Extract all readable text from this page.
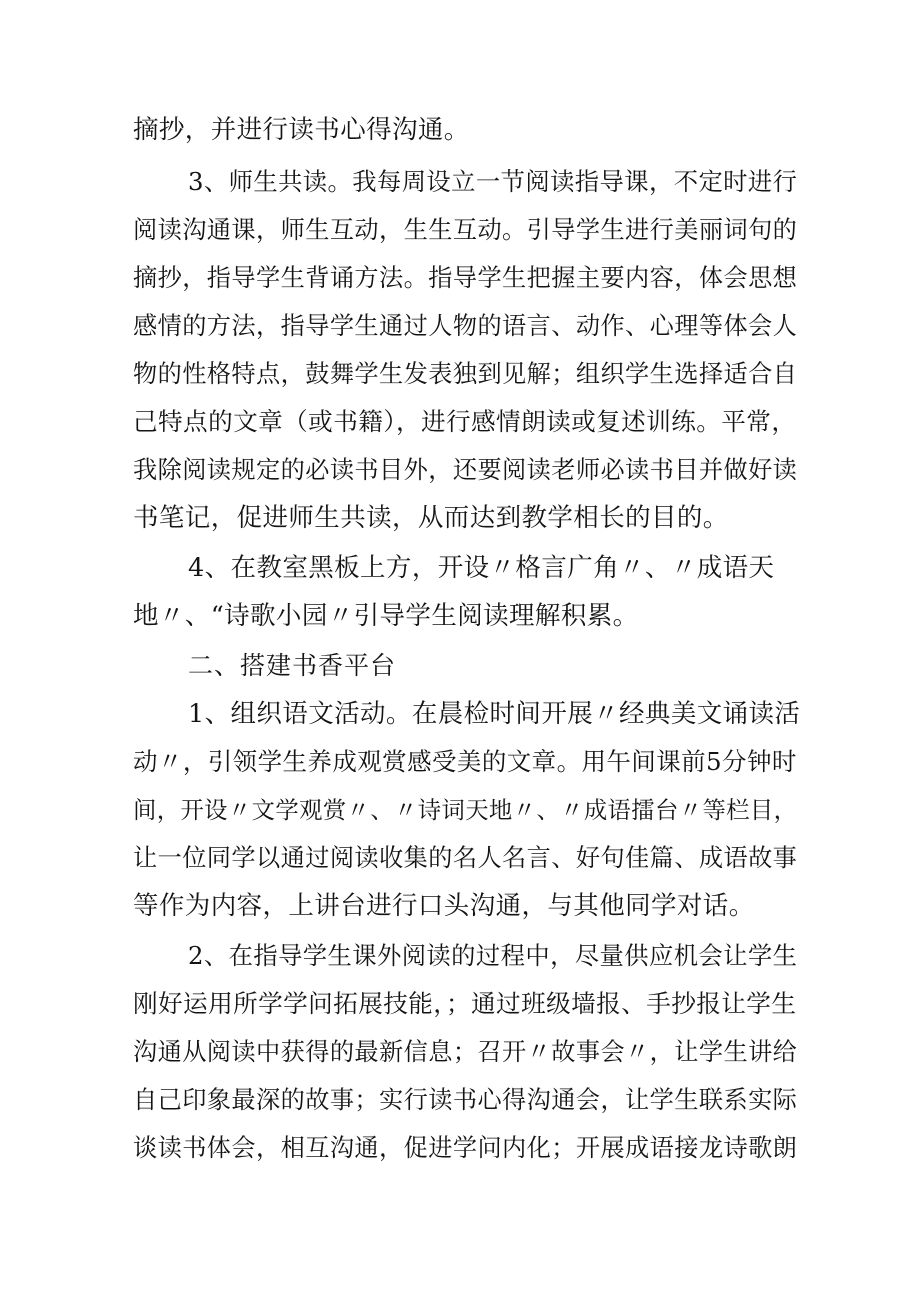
摘抄，并进行读书心得沟通。
3、师生共读。我每周设立一节阅读指导课，不定时进行
阅读沟通课，师生互动，生生互动。引导学生进行美丽词句的
摘抄，指导学生背诵方法。指导学生把握主要内容，体会思想
感情的方法，指导学生通过人物的语言、动作、心理等体会人
物的性格特点，鼓舞学生发表独到见解；组织学生选择适合自
己特点的文章（或书籍），进行感情朗读或复述训练。平常，
我除阅读规定的必读书目外，还要阅读老师必读书目并做好读
书笔记，促进师生共读，从而达到教学相长的目的。
4、在教室黑板上方，开设〃格言广角〃、〃成语天
地〃、“诗歌小园〃引导学生阅读理解积累。
二、搭建书香平台
1、组织语文活动。在晨检时间开展〃经典美文诵读活
动〃，引领学生养成观赏感受美的文章。用午间课前5分钟时
间，开设〃文学观赏〃、〃诗词天地〃、〃成语擂台〃等栏目，
让一位同学以通过阅读收集的名人名言、好句佳篇、成语故事
等作为内容，上讲台进行口头沟通，与其他同学对话。
2、在指导学生课外阅读的过程中，尽量供应机会让学生
刚好运用所学学问拓展技能，；通过班级墙报、手抄报让学生
沟通从阅读中获得的最新信息；召开〃故事会〃，让学生讲给
自己印象最深的故事；实行读书心得沟通会，让学生联系实际
谈读书体会，相互沟通，促进学问内化；开展成语接龙诗歌朗
